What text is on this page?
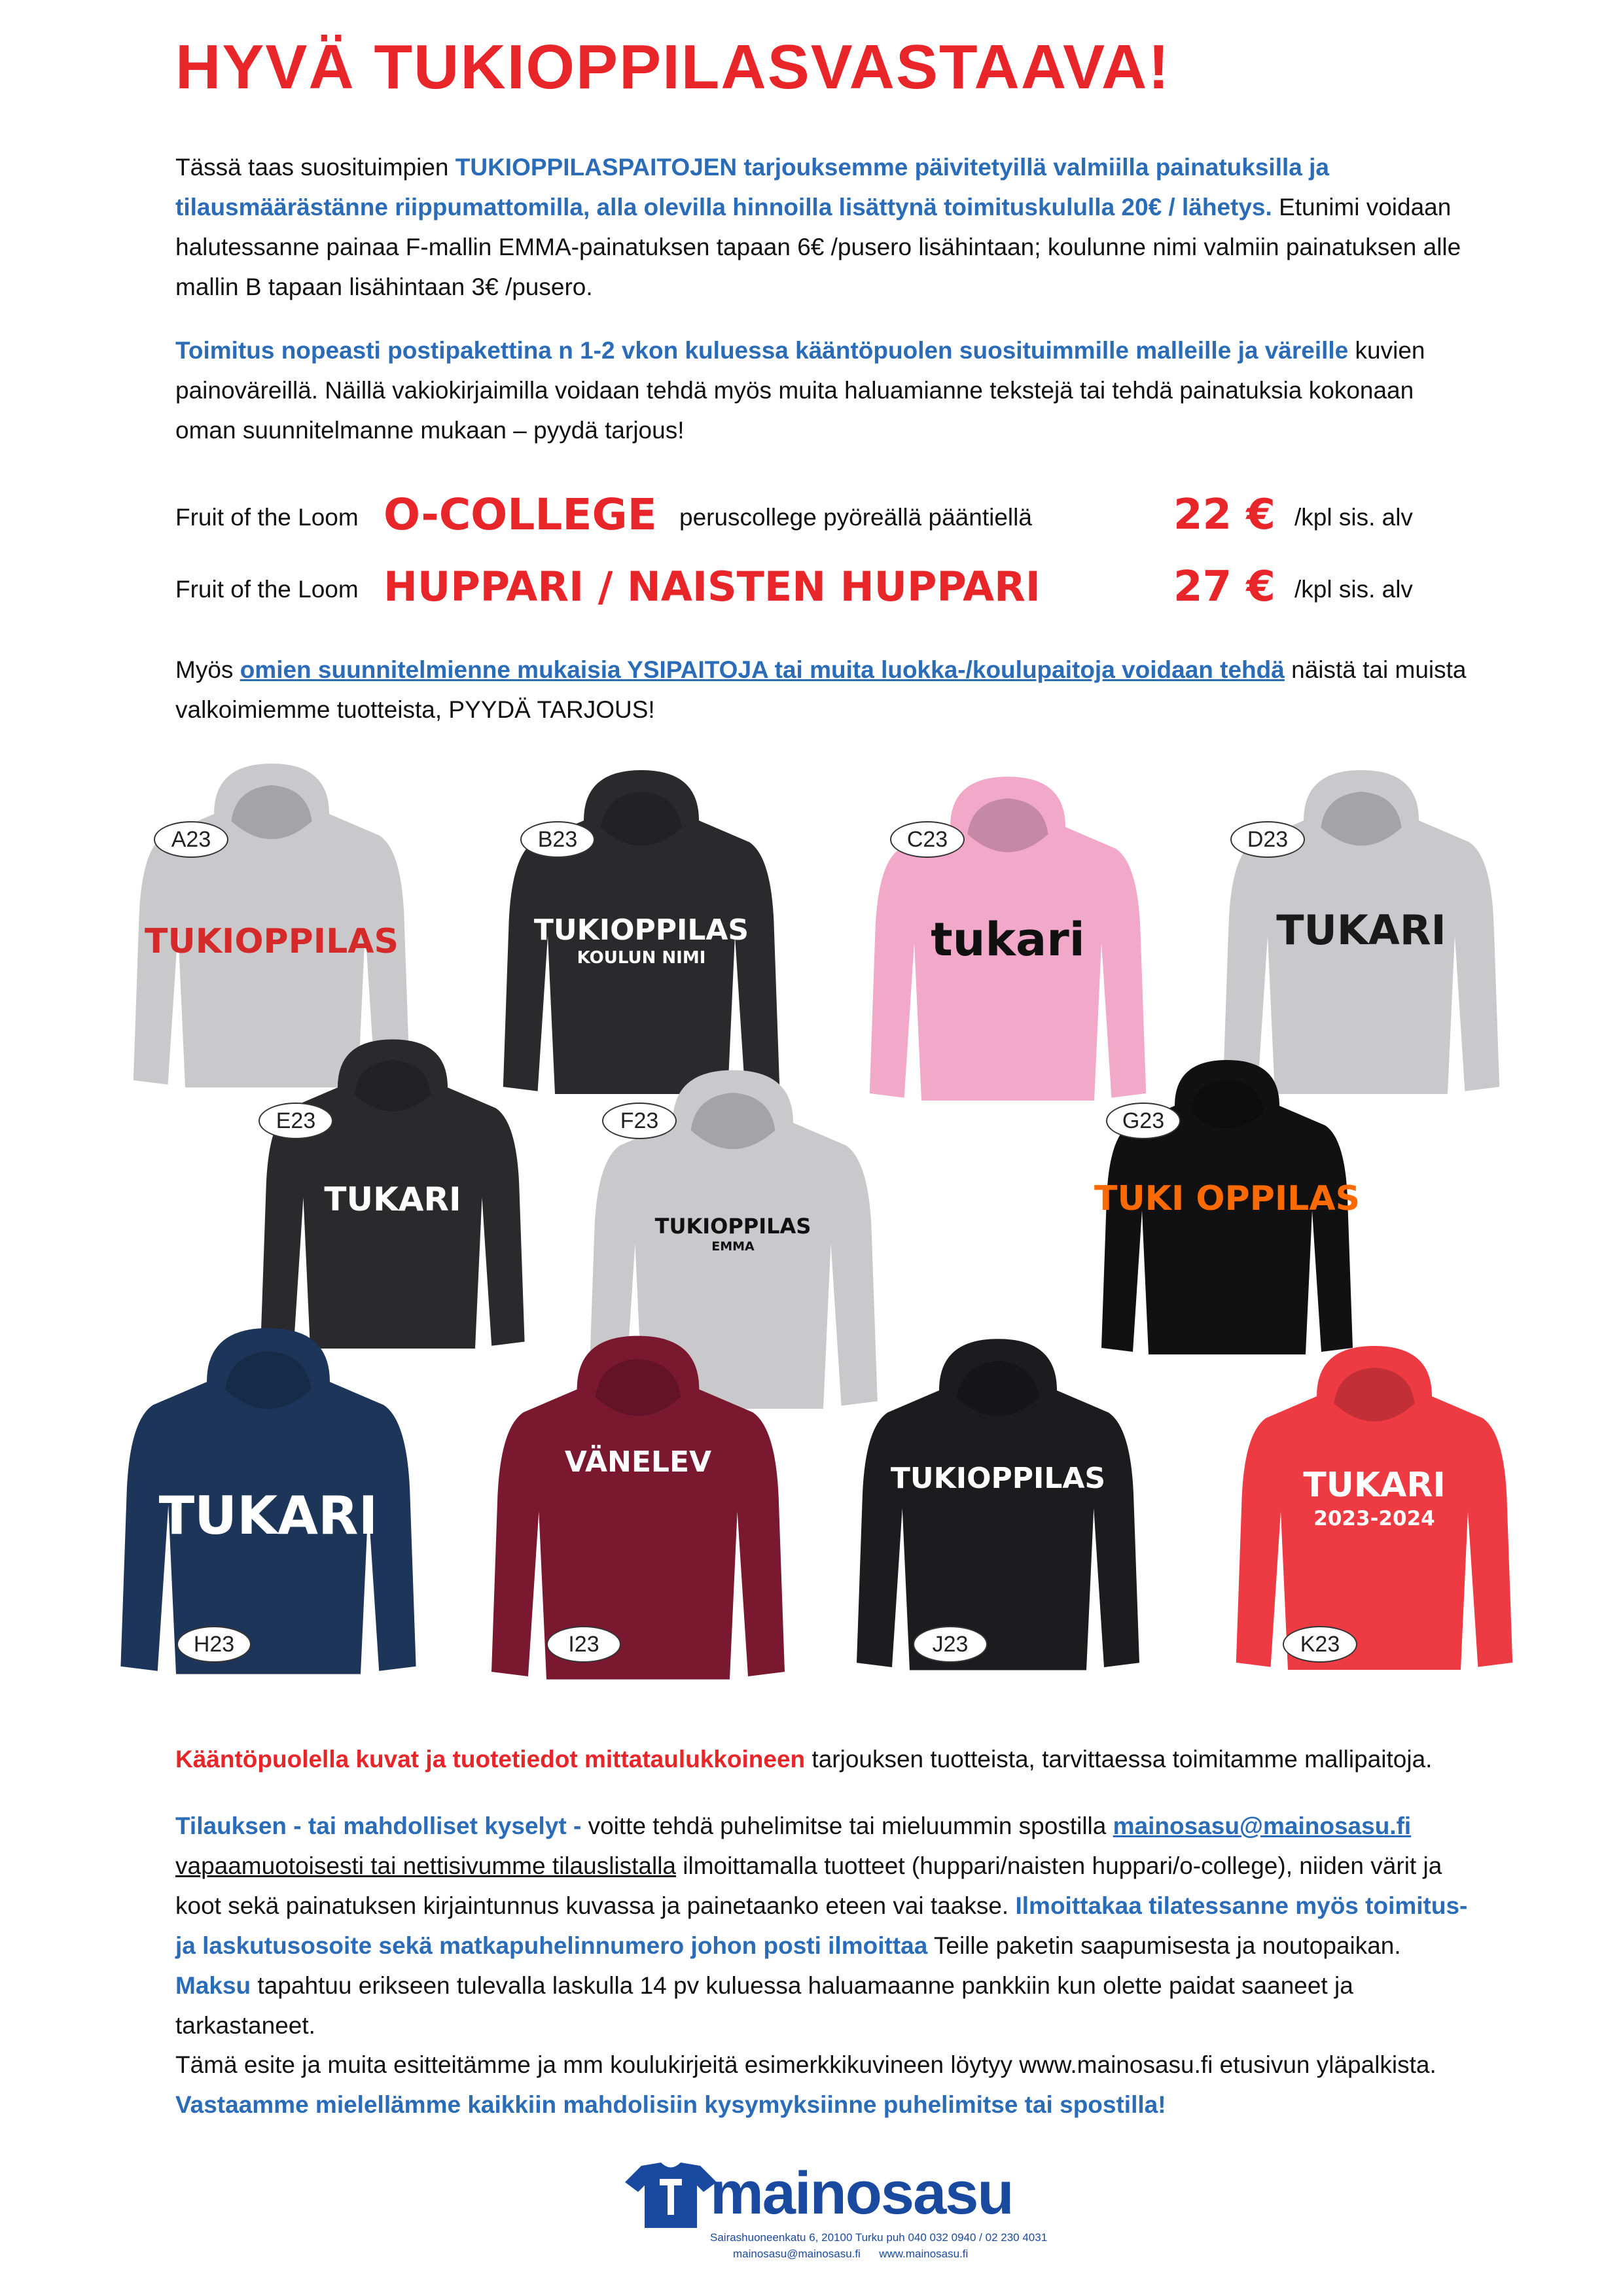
HYVÄ TUKIOPPILASVASTAAVA!
Tässä taas suosituimpien TUKIOPPILASPAITOJEN tarjouksemme päivitetyillä valmiilla painatuksilla ja tilausmäärästänne riippumattomilla, alla olevilla hinnoilla lisättynä toimituskululla 20€ / lähetys. Etunimi voidaan halutessanne painaa F-mallin EMMA-painatuksen tapaan 6€ /pusero lisähintaan; koulunne nimi valmiin painatuksen alle mallin B tapaan lisähintaan 3€ /pusero.
Toimitus nopeasti postipakettina n 1-2 vkon kuluessa kääntöpuolen suosituimmille malleille ja väreille kuvien painoväreillä. Näillä vakiokirjaimilla voidaan tehdä myös muita haluamianne tekstejä tai tehdä painatuksia kokonaan oman suunnitelmanne mukaan – pyydä tarjous!
Fruit of the Loom O-COLLEGE peruscollege pyöreällä pääntiellä	22 € /kpl sis. alv
Fruit of the Loom HUPPARI / NAISTEN HUPPARI	27 € /kpl sis. alv
Myös omien suunnitelmienne mukaisia YSIPAITOJA tai muita luokka-/koulupaitoja voidaan tehdä näistä tai muista valkoimiemme tuotteista, PYYDÄ TARJOUS!
TUKIOPPILAS
A23
TUKIOPPILAS
KOULUN NIMI
B23
tukari
C23
TUKARI
D23
TUKARI
E23
TUKIOPPILAS
EMMA
F23
TUKI OPPILAS
G23
TUKARI
H23
VÄNELEV
I23
TUKIOPPILAS
J23
TUKARI
2023-2024
K23
Kääntöpuolella kuvat ja tuotetiedot mittataulukkoineen tarjouksen tuotteista, tarvittaessa toimitamme mallipaitoja.
Tilauksen - tai mahdolliset kyselyt - voitte tehdä puhelimitse tai mieluummin spostilla mainosasu@mainosasu.fi vapaamuotoisesti tai nettisivumme tilauslistalla ilmoittamalla tuotteet (huppari/naisten huppari/o-college), niiden värit ja koot sekä painatuksen kirjaintunnus kuvassa ja painetaanko eteen vai taakse. Ilmoittakaa tilatessanne myös toimitus- ja laskutusosoite sekä matkapuhelinnumero johon posti ilmoittaa Teille paketin saapumisesta ja noutopaikan. Maksu tapahtuu erikseen tulevalla laskulla 14 pv kuluessa haluamaanne pankkiin kun olette paidat saaneet ja tarkastaneet.
Tämä esite ja muita esitteitämme ja mm koulukirjeitä esimerkkikuvineen löytyy www.mainosasu.fi etusivun yläpalkista.
Vastaamme mielellämme kaikkiin mahdolisiin kysymyksiinne puhelimitse tai spostilla!
mainosasu
Sairashuoneenkatu 6, 20100 Turku puh 040 032 0940 / 02 230 4031
mainosasu@mainosasu.fi      www.mainosasu.fi
